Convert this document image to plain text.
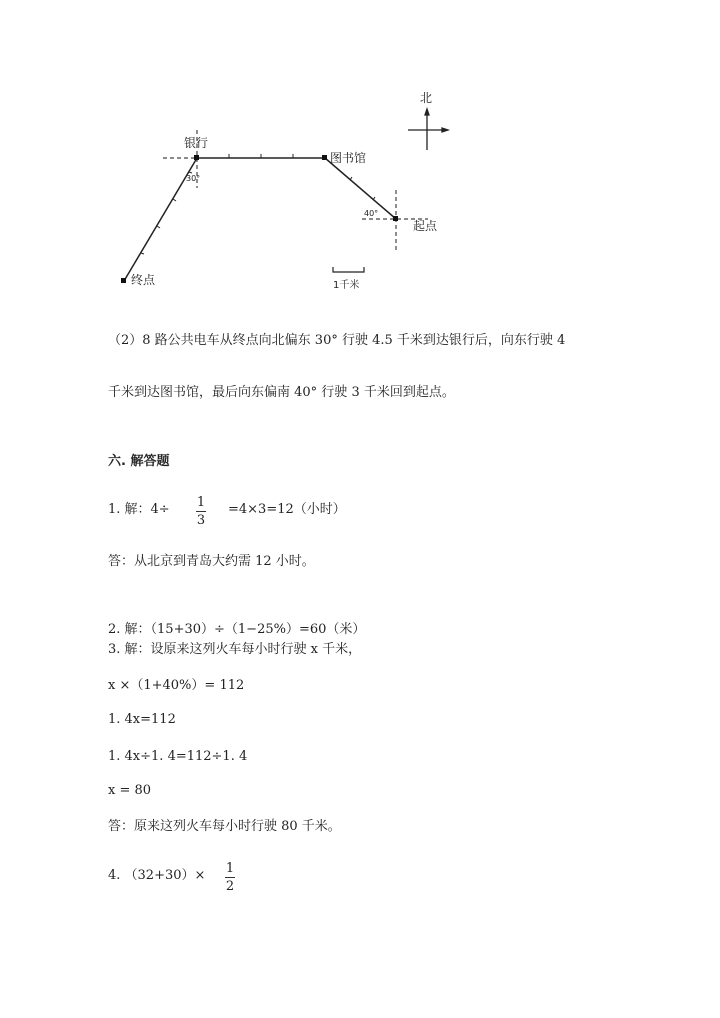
北
银行
图书馆
起点
终点
30°
40°
1千米
（2）8 路公共电车从终点向北偏东 30° 行驶 4.5 千米到达银行后，向东行驶 4
千米到达图书馆，最后向东偏南 40° 行驶 3 千米回到起点。
六. 解答题
1. 解：4÷ 1
3
=4×3=12（小时）
答：从北京到青岛大约需 12 小时。
2. 解：（15+30）÷（1−25%）=60（米）
3. 解：设原来这列火车每小时行驶 x 千米，
x ×（1+40%）= 112
1. 4x=112
1. 4x÷1. 4=112÷1. 4
x = 80
答：原来这列火车每小时行驶 80 千米。
4. （32+30）× 1
2
